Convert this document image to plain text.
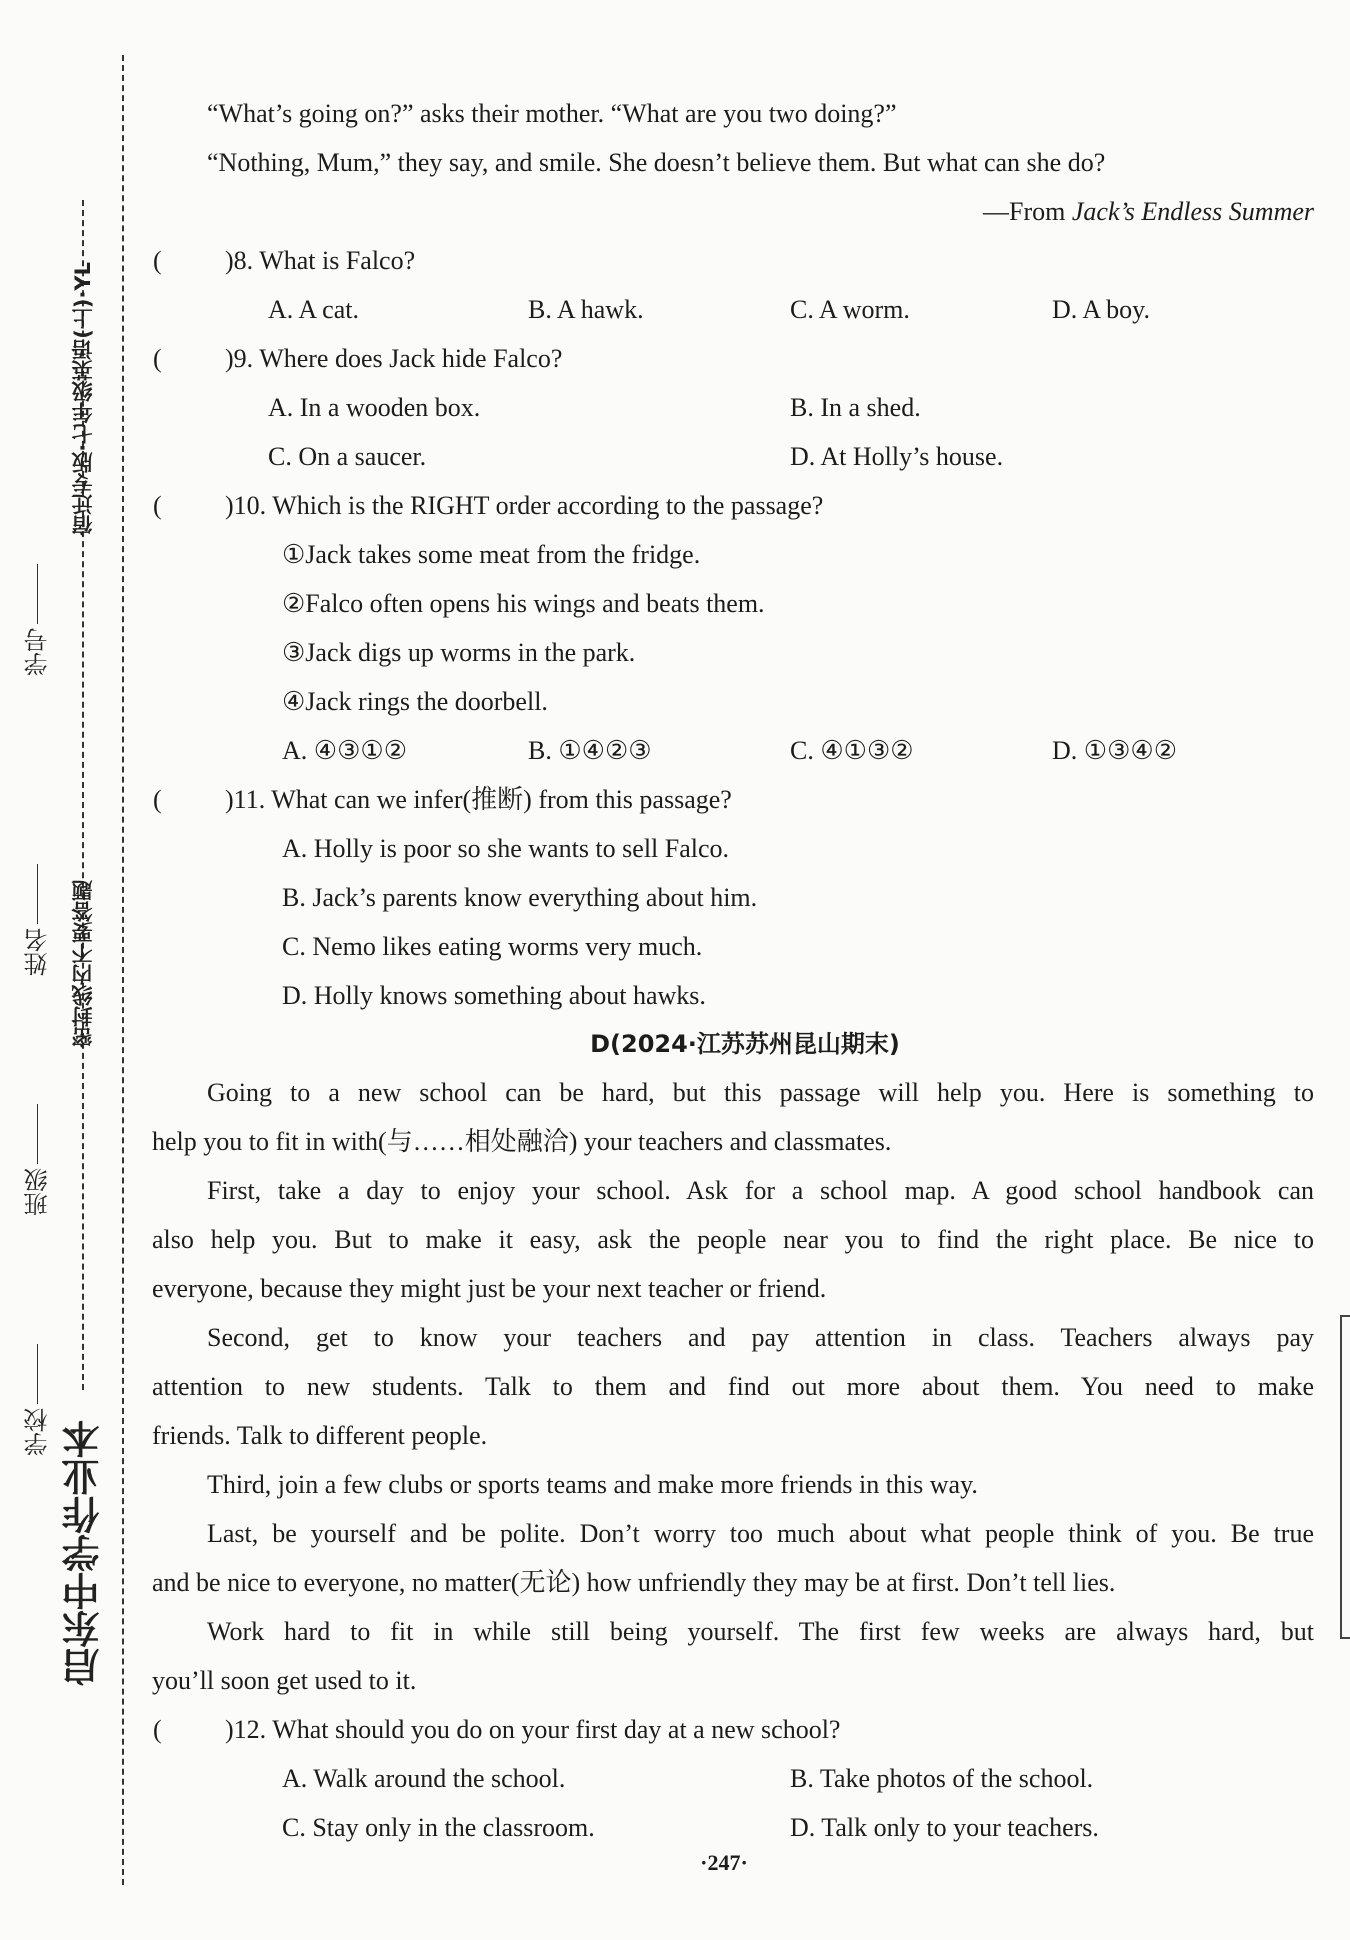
宿迁专版·七年级英语(上)·YL
密封线内不要答题
学号
姓名
班级
学校 启东中学作业本
“What’s going on?” asks their mother. “What are you two doing?”
“Nothing, Mum,” they say, and smile. She doesn’t believe them. But what can she do?
—From Jack’s Endless Summer
( )8. What is Falco?
A. A cat.	B. A hawk.	C. A worm.	D. A boy.
( )9. Where does Jack hide Falco?
A. In a wooden box.	B. In a shed.
C. On a saucer.	D. At Holly’s house.
( )10. Which is the RIGHT order according to the passage?
①Jack takes some meat from the fridge.
②Falco often opens his wings and beats them.
③Jack digs up worms in the park.
④Jack rings the doorbell.
A. ④③①②	B. ①④②③	C. ④①③②	D. ①③④②
( )11. What can we infer(推断) from this passage?
A. Holly is poor so she wants to sell Falco.
B. Jack’s parents know everything about him.
C. Nemo likes eating worms very much.
D. Holly knows something about hawks.
D(2024·江苏苏州昆山期末)
Going to a new school can be hard, but this passage will help you. Here is something to
help you to fit in with(与……相处融洽) your teachers and classmates.
First, take a day to enjoy your school. Ask for a school map. A good school handbook can
also help you. But to make it easy, ask the people near you to find the right place. Be nice to
everyone, because they might just be your next teacher or friend.
Second, get to know your teachers and pay attention in class. Teachers always pay
attention to new students. Talk to them and find out more about them. You need to make
friends. Talk to different people.
Third, join a few clubs or sports teams and make more friends in this way.
Last, be yourself and be polite. Don’t worry too much about what people think of you. Be true
and be nice to everyone, no matter(无论) how unfriendly they may be at first. Don’t tell lies.
Work hard to fit in while still being yourself. The first few weeks are always hard, but
you’ll soon get used to it.
( )12. What should you do on your first day at a new school?
A. Walk around the school.	B. Take photos of the school.
C. Stay only in the classroom.	D. Talk only to your teachers.
·247·
